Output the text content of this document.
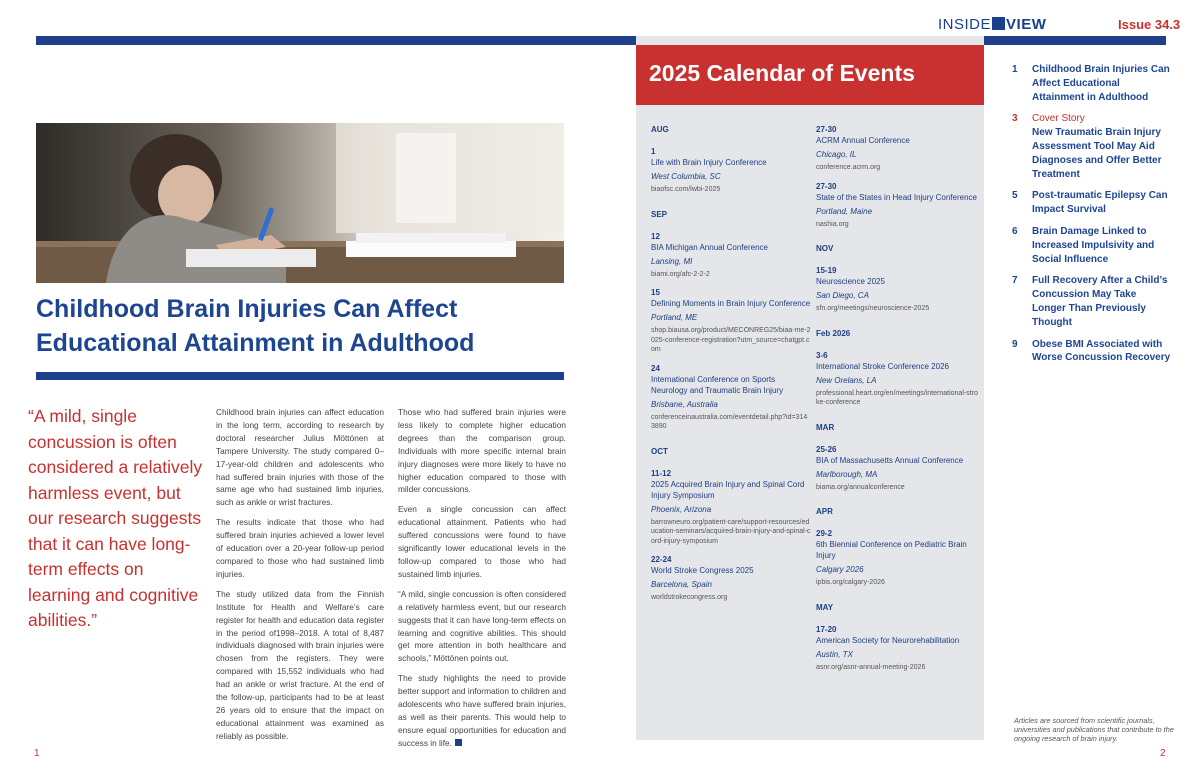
INSIDE VIEW	Issue 34.3
2025 Calendar of Events
AUG
1
Life with Brain Injury Conference
West Columbia, SC
biaofsc.com/lwbi-2025
SEP
12
BIA Michigan Annual Conference
Lansing, MI
biami.org/afc-2-2-2
15
Defining Moments in Brain Injury Conference
Portland, ME
shop.biausa.org/product/MECONREG25/biaa-me-2025-conference-registration?utm_source=chatgpt.com
24
International Conference on Sports Neurology and Traumatic Brain Injury
Brisbane, Australia
conferenceinaustralia.com/eventdetail.php?id=3143890
OCT
11-12
2025 Acquired Brain Injury and Spinal Cord Injury Symposium
Phoenix, Arizona
barrowneuro.org/patient-care/support-resources/education-seminars/acquired-brain-injury-and-spinal-cord-injury-symposium
22-24
World Stroke Congress 2025
Barcelona, Spain
worldstrokecongress.org
27-30
ACRM Annual Conference
Chicago, IL
conference.acrm.org
27-30
State of the States in Head Injury Conference
Portland, Maine
nashia.org
NOV
15-19
Neuroscience 2025
San Diego, CA
sfn.org/meetings/neuroscience-2025
Feb 2026
3-6
International Stroke Conference 2026
New Orelans, LA
professional.heart.org/en/meetings/international-stroke-conference
MAR
25-26
BIA of Massachusetts Annual Conference
Marlborough, MA
biama.org/annualconference
APR
29-2
6th Biennial Conference on Pediatric Brain Injury
Calgary 2026
ipbis.org/calgary-2026
MAY
17-20
American Society for Neurorehabilitation
Austin, TX
asnr.org/asnr-annual-meeting-2026
Childhood Brain Injuries Can Affect Educational Attainment in Adulthood
“A mild, single concussion is often considered a relatively harmless event, but our research suggests that it can have long-term effects on learning and cognitive abilities.”

Childhood brain injuries can affect education in the long term, according to research by doctoral researcher Julius Möttönen at Tampere University. The study compared 0–17-year-old children and adolescents who had suffered brain injuries with those of the same age who had sustained limb injuries, such as ankle or wrist fractures.

The results indicate that those who had suffered brain injuries achieved a lower level of education over a 20-year follow-up period compared to those who had sustained limb injuries.

The study utilized data from the Finnish Institute for Health and Welfare’s care register for health and education data register in the period of1998–2018. A total of 8,487 individuals diagnosed with brain injuries were chosen from the registers. They were compared with 15,552 individuals who had had an ankle or wrist fracture. At the end of the follow-up, participants had to be at least 26 years old to ensure that the impact on educational attainment was examined as reliably as possible.

Those who had suffered brain injuries were less likely to complete higher education degrees than the comparison group. Individuals with more specific internal brain injury diagnoses were more likely to have no higher education compared to those with milder concussions.

Even a single concussion can affect educational attainment. Patients who had suffered concussions were found to have significantly lower educational levels in the follow-up compared to those who had sustained limb injuries.

“A mild, single concussion is often considered a relatively harmless event, but our research suggests that it can have long-term effects on learning and cognitive abilities. This should get more attention in both healthcare and schools,” Möttönen points out.

The study highlights the need to provide better support and information to children and adolescents who have suffered brain injuries, as well as their parents. This would help to ensure equal opportunities for education and success in life.

1	2
1	Childhood Brain Injuries Can Affect Educational Attainment in Adulthood
3	Cover Story
New Traumatic Brain Injury Assessment Tool May Aid Diagnoses and Offer Better Treatment
5	Post-traumatic Epilepsy Can Impact Survival
6	Brain Damage Linked to Increased Impulsivity and Social Influence
7	Full Recovery After a Child’s Concussion May Take Longer Than Previously Thought
9	Obese BMI Associated with Worse Concussion Recovery
Articles are sourced from scientific journals, universities and publications that contribute to the ongoing research of brain injury.
